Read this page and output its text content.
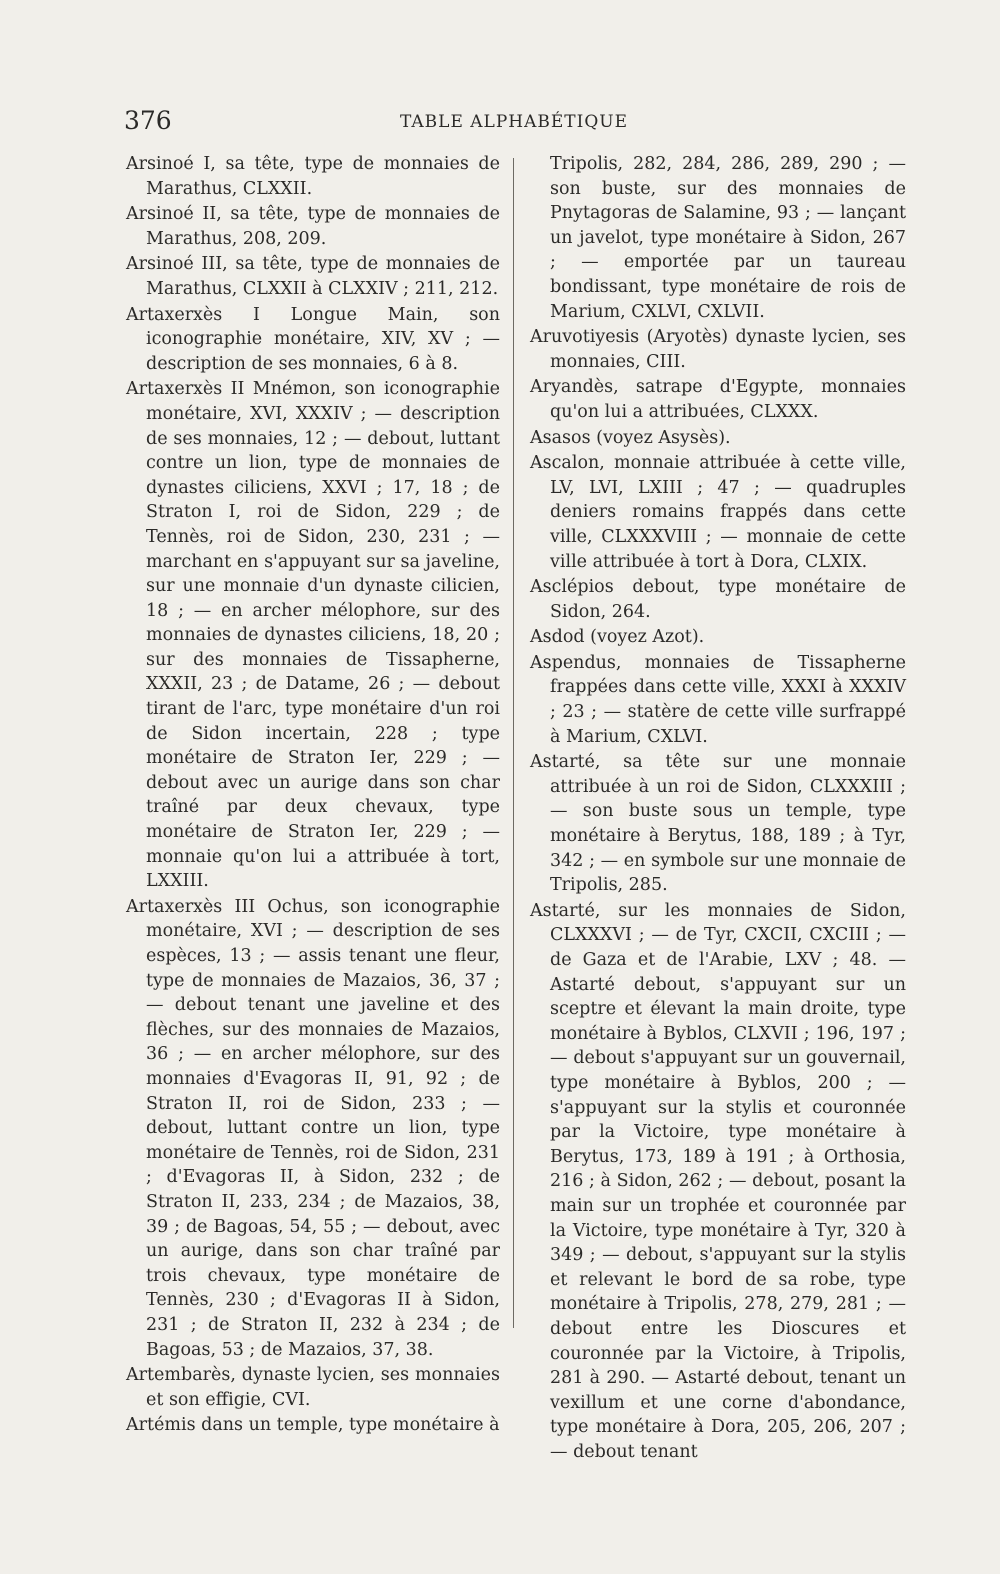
376	TABLE ALPHABÉTIQUE

Arsinoé I, sa tête, type de monnaies de Marathus, CLXXII.

Arsinoé II, sa tête, type de monnaies de Marathus, 208, 209.

Arsinoé III, sa tête, type de monnaies de Marathus, CLXXII à CLXXIV ; 211, 212.

Artaxerxès I Longue Main, son iconographie monétaire, XIV, XV ; — description de ses monnaies, 6 à 8.

Artaxerxès II Mnémon, son iconographie monétaire, XVI, XXXIV ; — description de ses monnaies, 12 ; — debout, luttant contre un lion, type de monnaies de dynastes ciliciens, XXVI ; 17, 18 ; de Straton I, roi de Sidon, 229 ; de Tennès, roi de Sidon, 230, 231 ; — marchant en s'appuyant sur sa javeline, sur une monnaie d'un dynaste cilicien, 18 ; — en archer mélophore, sur des monnaies de dynastes ciliciens, 18, 20 ; sur des monnaies de Tissapherne, XXXII, 23 ; de Datame, 26 ; — debout tirant de l'arc, type monétaire d'un roi de Sidon incertain, 228 ; type monétaire de Straton Ier, 229 ; — debout avec un aurige dans son char traîné par deux chevaux, type monétaire de Straton Ier, 229 ; — monnaie qu'on lui a attribuée à tort, LXXIII.

Artaxerxès III Ochus, son iconographie monétaire, XVI ; — description de ses espèces, 13 ; — assis tenant une fleur, type de monnaies de Mazaios, 36, 37 ; — debout tenant une javeline et des flèches, sur des monnaies de Mazaios, 36 ; — en archer mélophore, sur des monnaies d'Evagoras II, 91, 92 ; de Straton II, roi de Sidon, 233 ; — debout, luttant contre un lion, type monétaire de Tennès, roi de Sidon, 231 ; d'Evagoras II, à Sidon, 232 ; de Straton II, 233, 234 ; de Mazaios, 38, 39 ; de Bagoas, 54, 55 ; — debout, avec un aurige, dans son char traîné par trois chevaux, type monétaire de Tennès, 230 ; d'Evagoras II à Sidon, 231 ; de Straton II, 232 à 234 ; de Bagoas, 53 ; de Mazaios, 37, 38.

Artembarès, dynaste lycien, ses monnaies et son effigie, CVI.

Artémis dans un temple, type monétaire à

Tripolis, 282, 284, 286, 289, 290 ; — son buste, sur des monnaies de Pnytagoras de Salamine, 93 ; — lançant un javelot, type monétaire à Sidon, 267 ; — emportée par un taureau bondissant, type monétaire de rois de Marium, CXLVI, CXLVII.

Aruvotiyesis (Aryotès) dynaste lycien, ses monnaies, CIII.

Aryandès, satrape d'Egypte, monnaies qu'on lui a attribuées, CLXXX.

Asasos (voyez Asysès).

Ascalon, monnaie attribuée à cette ville, LV, LVI, LXIII ; 47 ; — quadruples deniers romains frappés dans cette ville, CLXXXVIII ; — monnaie de cette ville attribuée à tort à Dora, CLXIX.

Asclépios debout, type monétaire de Sidon, 264.

Asdod (voyez Azot).

Aspendus, monnaies de Tissapherne frappées dans cette ville, XXXI à XXXIV ; 23 ; — statère de cette ville surfrappé à Marium, CXLVI.

Astarté, sa tête sur une monnaie attribuée à un roi de Sidon, CLXXXIII ; — son buste sous un temple, type monétaire à Berytus, 188, 189 ; à Tyr, 342 ; — en symbole sur une monnaie de Tripolis, 285.

Astarté, sur les monnaies de Sidon, CLXXXVI ; — de Tyr, CXCII, CXCIII ; — de Gaza et de l'Arabie, LXV ; 48. — Astarté debout, s'appuyant sur un sceptre et élevant la main droite, type monétaire à Byblos, CLXVII ; 196, 197 ; — debout s'appuyant sur un gouvernail, type monétaire à Byblos, 200 ; — s'appuyant sur la stylis et couronnée par la Victoire, type monétaire à Berytus, 173, 189 à 191 ; à Orthosia, 216 ; à Sidon, 262 ; — debout, posant la main sur un trophée et couronnée par la Victoire, type monétaire à Tyr, 320 à 349 ; — debout, s'appuyant sur la stylis et relevant le bord de sa robe, type monétaire à Tripolis, 278, 279, 281 ; — debout entre les Dioscures et couronnée par la Victoire, à Tripolis, 281 à 290. — Astarté debout, tenant un vexillum et une corne d'abondance, type monétaire à Dora, 205, 206, 207 ; — debout tenant
